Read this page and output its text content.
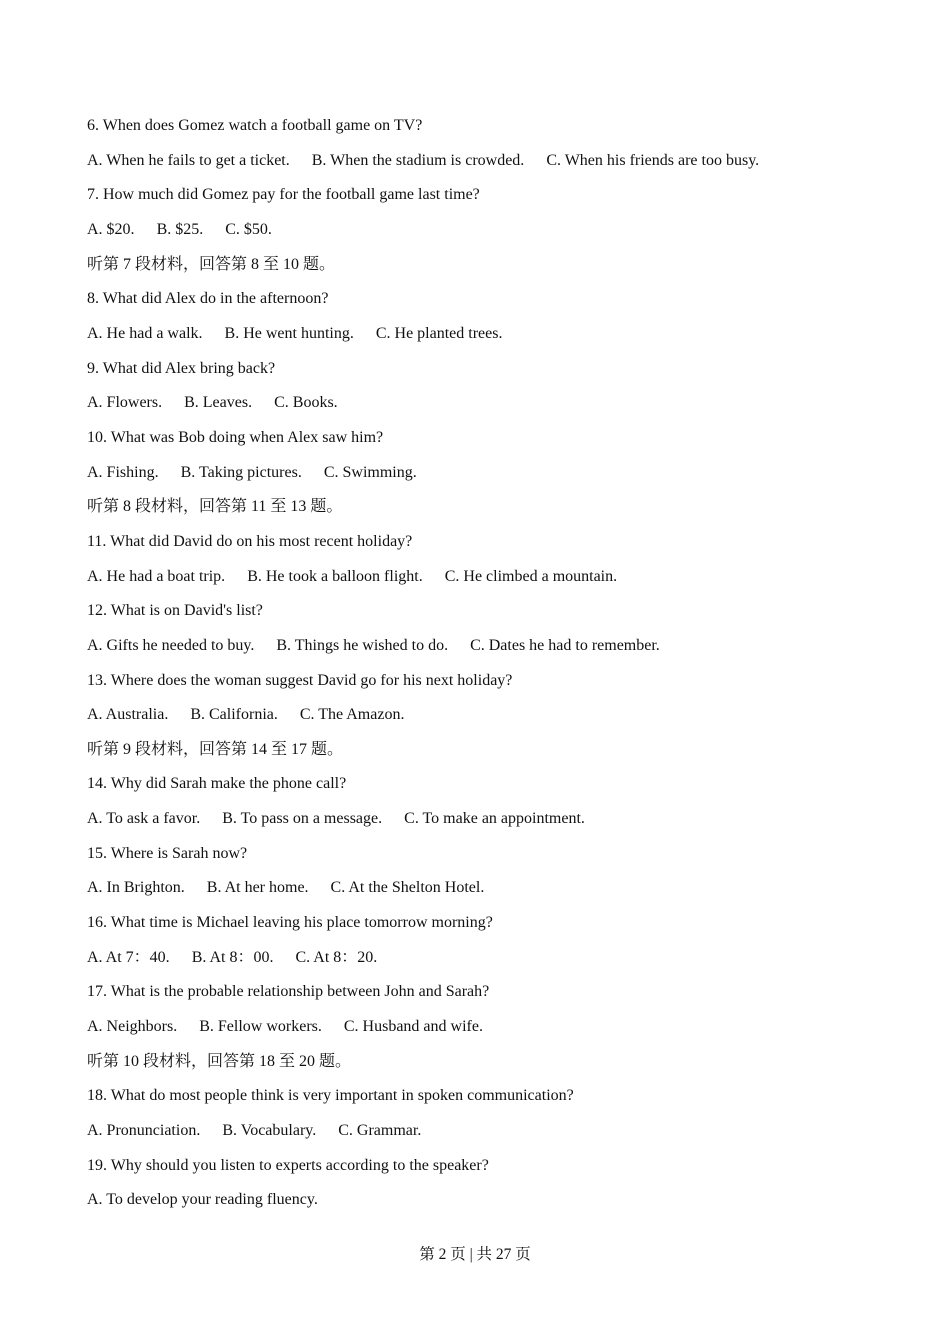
6. When does Gomez watch a football game on TV?
A. When he fails to get a ticket. B. When the stadium is crowded. C. When his friends are too busy.
7. How much did Gomez pay for the football game last time?
A. $20. B. $25. C. $50.
听第 7 段材料，回答第 8 至 10 题。
8. What did Alex do in the afternoon?
A. He had a walk. B. He went hunting. C. He planted trees.
9. What did Alex bring back?
A. Flowers. B. Leaves. C. Books.
10. What was Bob doing when Alex saw him?
A. Fishing. B. Taking pictures. C. Swimming.
听第 8 段材料，回答第 11 至 13 题。
11. What did David do on his most recent holiday?
A. He had a boat trip. B. He took a balloon flight. C. He climbed a mountain.
12. What is on David's list?
A. Gifts he needed to buy. B. Things he wished to do. C. Dates he had to remember.
13. Where does the woman suggest David go for his next holiday?
A. Australia. B. California. C. The Amazon.
听第 9 段材料，回答第 14 至 17 题。
14. Why did Sarah make the phone call?
A. To ask a favor. B. To pass on a message. C. To make an appointment.
15. Where is Sarah now?
A. In Brighton. B. At her home. C. At the Shelton Hotel.
16. What time is Michael leaving his place tomorrow morning?
A. At 7：40. B. At 8：00. C. At 8：20.
17. What is the probable relationship between John and Sarah?
A. Neighbors. B. Fellow workers. C. Husband and wife.
听第 10 段材料，回答第 18 至 20 题。
18. What do most people think is very important in spoken communication?
A. Pronunciation. B. Vocabulary. C. Grammar.
19. Why should you listen to experts according to the speaker?
A. To develop your reading fluency.
第 2 页 | 共 27 页
